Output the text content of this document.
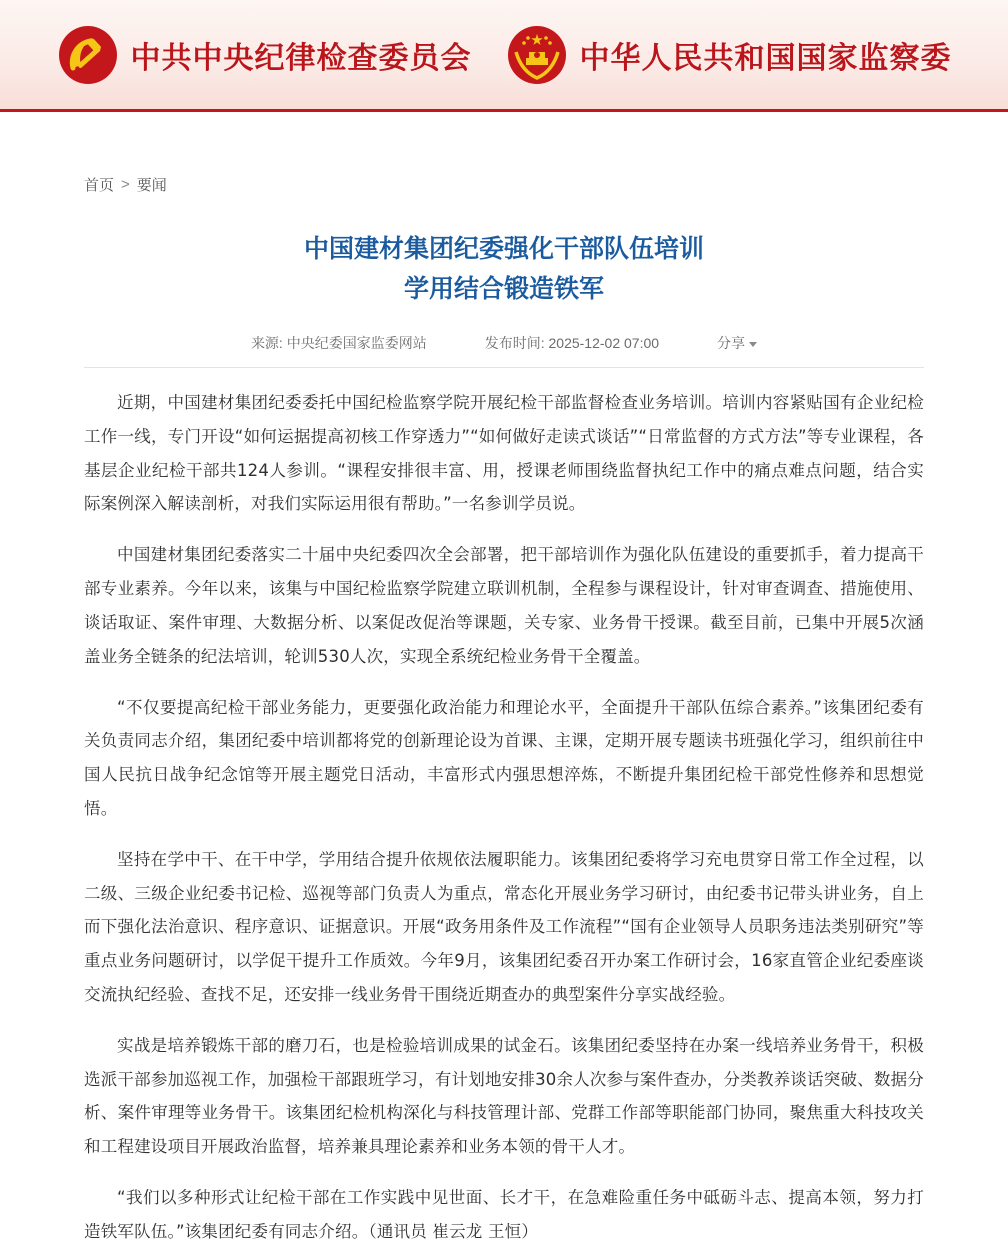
中共中央纪律检查委员会	中华人民共和国国家监察委
首页 > 要闻
中国建材集团纪委强化干部队伍培训
学用结合锻造铁军
来源: 中央纪委国家监委网站	发布时间: 2025-12-02 07:00	分享

近期，中国建材集团纪委委托中国纪检监察学院开展纪检干部监督检查业务培训。培训内容紧贴国有企业纪检工作一线，专门开设“如何运据提高初核工作穿透力”“如何做好走读式谈话”“日常监督的方式方法”等专业课程，各基层企业纪检干部共124人参训。“课程安排很丰富、用，授课老师围绕监督执纪工作中的痛点难点问题，结合实际案例深入解读剖析，对我们实际运用很有帮助。”一名参训学员说。

中国建材集团纪委落实二十届中央纪委四次全会部署，把干部培训作为强化队伍建设的重要抓手，着力提高干部专业素养。今年以来，该集与中国纪检监察学院建立联训机制，全程参与课程设计，针对审查调查、措施使用、谈话取证、案件审理、大数据分析、以案促改促治等课题，关专家、业务骨干授课。截至目前，已集中开展5次涵盖业务全链条的纪法培训，轮训530人次，实现全系统纪检业务骨干全覆盖。

“不仅要提高纪检干部业务能力，更要强化政治能力和理论水平，全面提升干部队伍综合素养。”该集团纪委有关负责同志介绍，集团纪委中培训都将党的创新理论设为首课、主课，定期开展专题读书班强化学习，组织前往中国人民抗日战争纪念馆等开展主题党日活动，丰富形式内强思想淬炼，不断提升集团纪检干部党性修养和思想觉悟。

坚持在学中干、在干中学，学用结合提升依规依法履职能力。该集团纪委将学习充电贯穿日常工作全过程，以二级、三级企业纪委书记检、巡视等部门负责人为重点，常态化开展业务学习研讨，由纪委书记带头讲业务，自上而下强化法治意识、程序意识、证据意识。开展“政务用条件及工作流程”“国有企业领导人员职务违法类别研究”等重点业务问题研讨，以学促干提升工作质效。今年9月，该集团纪委召开办案工作研讨会，16家直管企业纪委座谈交流执纪经验、查找不足，还安排一线业务骨干围绕近期查办的典型案件分享实战经验。

实战是培养锻炼干部的磨刀石，也是检验培训成果的试金石。该集团纪委坚持在办案一线培养业务骨干，积极选派干部参加巡视工作，加强检干部跟班学习，有计划地安排30余人次参与案件查办，分类教养谈话突破、数据分析、案件审理等业务骨干。该集团纪检机构深化与科技管理计部、党群工作部等职能部门协同，聚焦重大科技攻关和工程建设项目开展政治监督，培养兼具理论素养和业务本领的骨干人才。

“我们以多种形式让纪检干部在工作实践中见世面、长才干，在急难险重任务中砥砺斗志、提高本领，努力打造铁军队伍。”该集团纪委有同志介绍。（通讯员 崔云龙 王恒）
